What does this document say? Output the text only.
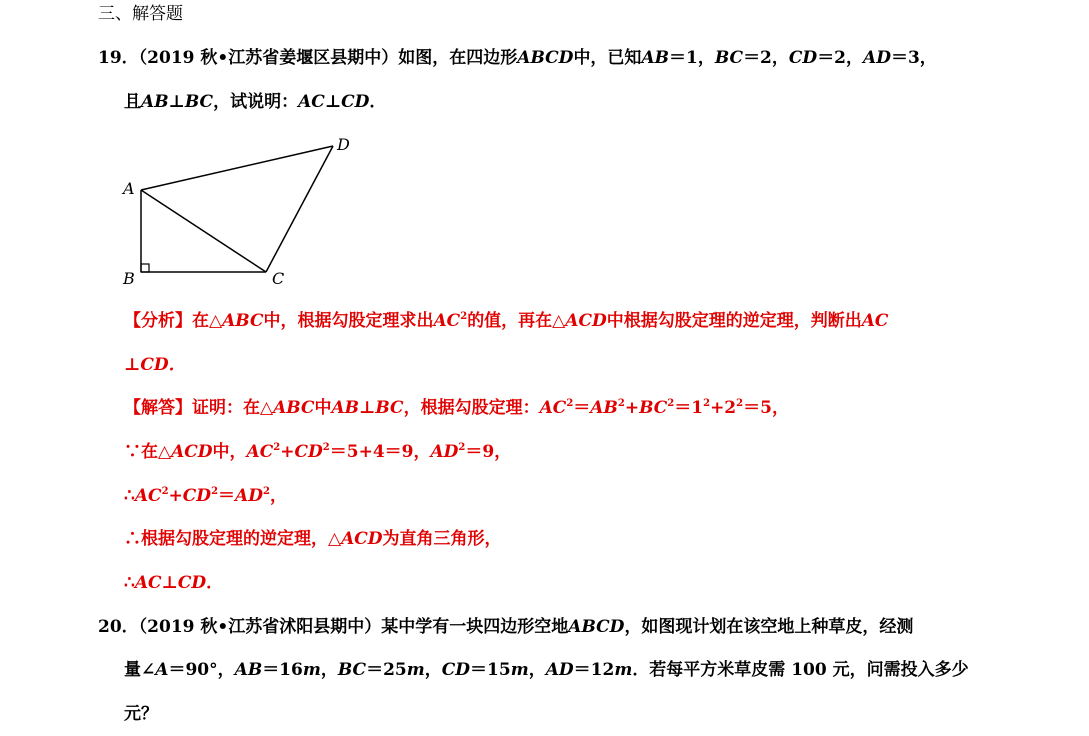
三、解答题
19．（2019 秋•江苏省姜堰区县期中）如图，在四边形ABCD中，已知AB＝1，BC＝2，CD＝2，AD＝3，
且AB⊥BC，试说明：AC⊥CD．
A
B	C
D
【分析】在△ABC中，根据勾股定理求出$AC^2$的值，再在△ACD中根据勾股定理的逆定理，判断出AC
⊥CD．
【解答】证明：在△ABC中AB⊥BC，根据勾股定理：$AC^2=AB^2+BC^2=1^2+2^2=5$，
∵在△ACD中，$AC^2+CD^2=5+4=9$，$AD^2=9$，
$\therefore AC^2+CD^2=AD^2$，
∴根据勾股定理的逆定理，△ACD为直角三角形，
∴AC⊥CD．
20．（2019 秋•江苏省沭阳县期中）某中学有一块四边形空地ABCD，如图现计划在该空地上种草皮，经测
量∠A＝90°，AB＝16m，BC＝25m，CD＝15m，AD＝12m．若每平方米草皮需 100 元，问需投入多少
元？
